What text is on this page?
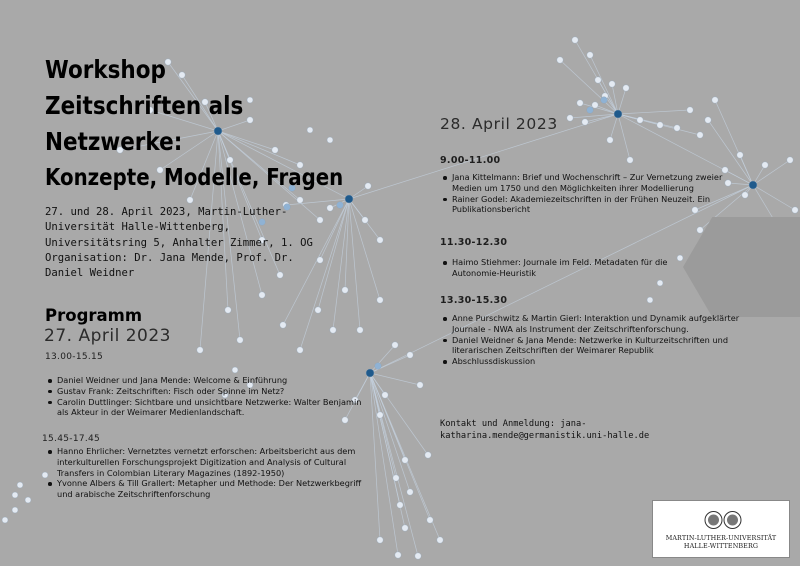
Workshop
Zeitschriften als
Netzwerke:
Konzepte, Modelle, Fragen

27. und 28. April 2023, Martin-Luther-Universität Halle-Wittenberg, Universitätsring 5, Anhalter Zimmer, 1. OG

Organisation: Dr. Jana Mende, Prof. Dr. Daniel Weidner

Programm
27. April 2023
13.00-15.15
Daniel Weidner und Jana Mende: Welcome & Einführung
Gustav Frank: Zeitschriften: Fisch oder Spinne im Netz?
Carolin Duttlinger: Sichtbare und unsichtbare Netzwerke: Walter Benjamin als Akteur in der Weimarer Medienlandschaft.
15.45-17.45
Hanno Ehrlicher: Vernetztes vernetzt erforschen: Arbeitsbericht aus dem interkulturellen Forschungsprojekt Digitization and Analysis of Cultural Transfers in Colombian Literary Magazines (1892-1950)
Yvonne Albers & Till Grallert: Metapher und Methode: Der Netzwerkbegriff und arabische Zeitschriftenforschung
28. April 2023
9.00-11.00
Jana Kittelmann: Brief und Wochenschrift – Zur Vernetzung zweier Medien um 1750 und den Möglichkeiten ihrer Modellierung
Rainer Godel: Akademiezeitschriften in der Frühen Neuzeit. Ein Publikationsbericht
11.30-12.30
Haimo Stiehmer: Journale im Feld. Metadaten für die Autonomie-Heuristik
13.30-15.30
Anne Purschwitz & Martin Gierl: Interaktion und Dynamik aufgeklärter Journale - NWA als Instrument der Zeitschriftenforschung.
Daniel Weidner & Jana Mende: Netzwerke in Kulturzeitschriften und literarischen Zeitschriften der Weimarer Republik
Abschlussdiskussion
Kontakt und Anmeldung: jana-katharina.mende@germanistik.uni-halle.de
MARTIN-LUTHER-UNIVERSITÄT
HALLE-WITTENBERG
